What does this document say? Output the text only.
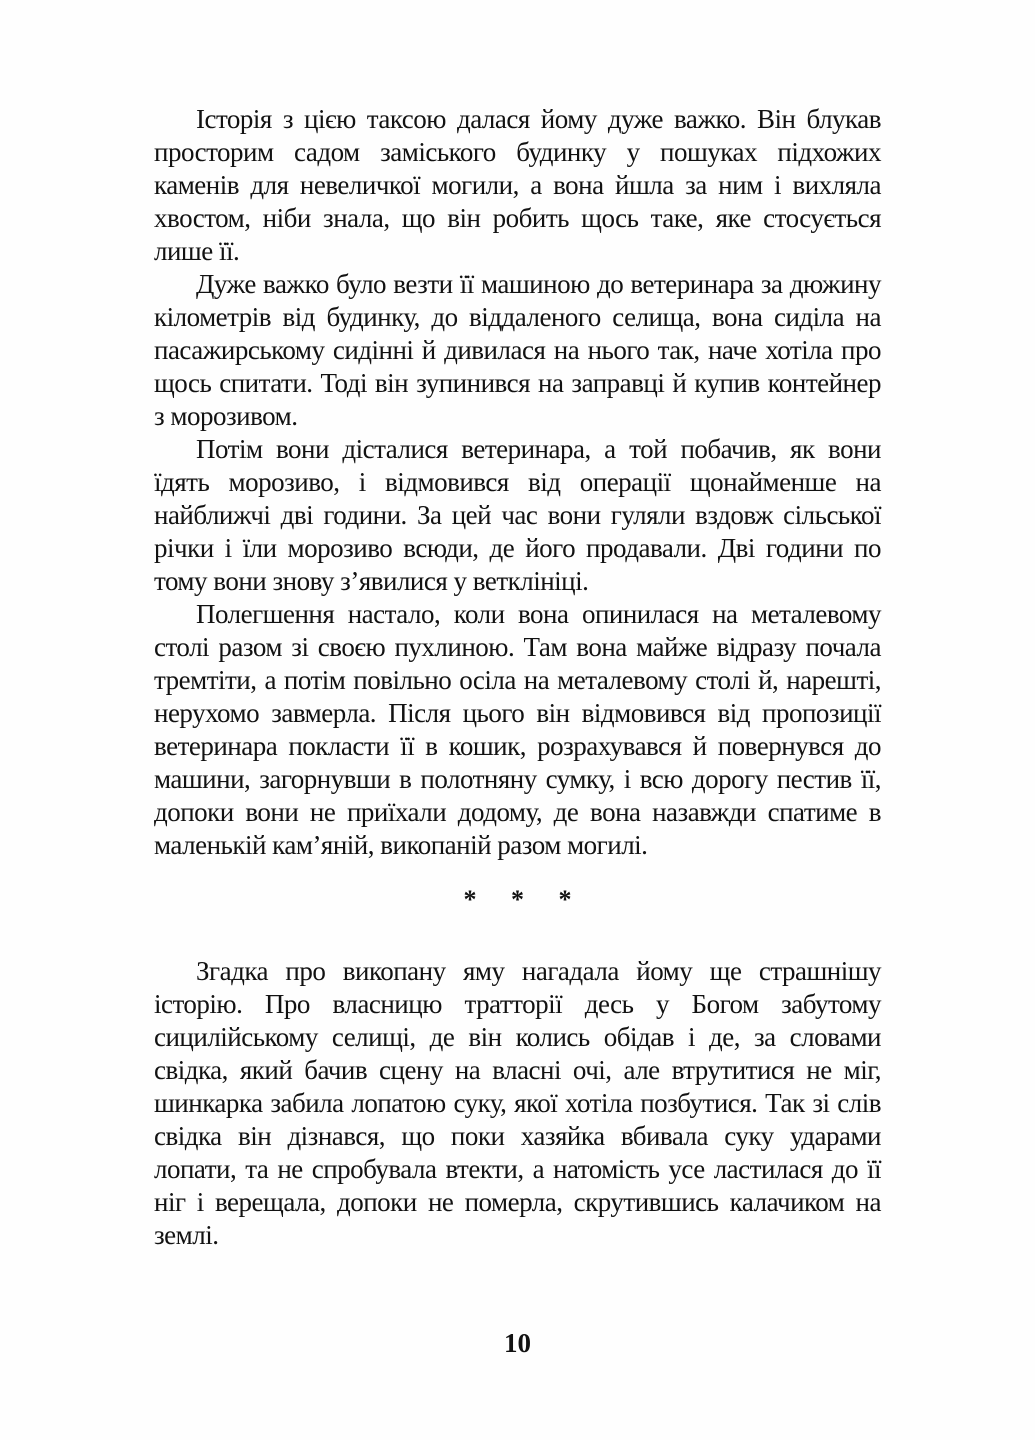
Історія з цією таксою далася йому дуже важко. Він блукав просторим садом заміського будинку у пошуках підхожих каменів для невеличкої могили, а вона йшла за ним і вихляла хвостом, ніби знала, що він робить щось таке, яке стосується лише її.

Дуже важко було везти її машиною до ветеринара за дюжину кілометрів від будинку, до віддаленого селища, вона сиділа на пасажирському сидінні й дивилася на нього так, наче хотіла про щось спитати. Тоді він зупинився на заправці й купив контейнер з морозивом.

Потім вони дісталися ветеринара, а той побачив, як вони їдять морозиво, і відмовився від операції щонайменше на найближчі дві години. За цей час вони гуляли вздовж сільської річки і їли морозиво всюди, де його продавали. Дві години по тому вони знову з’явилися у ветклініці.

Полегшення настало, коли вона опинилася на металевому столі разом зі своєю пухлиною. Там вона майже відразу почала тремтіти, а потім повільно осіла на металевому столі й, нарешті, нерухомо завмерла. Після цього він відмовився від пропозиції ветеринара покласти її в кошик, розрахувався й повернувся до машини, загорнувши в полотняну сумку, і всю дорогу пестив її, допоки вони не приїхали додому, де вона назавжди спатиме в маленькій кам’яній, викопаній разом могилі.

* * *

Згадка про викопану яму нагадала йому ще страшнішу історію. Про власницю тратторії десь у Богом забутому сицилійському селищі, де він колись обідав і де, за словами свідка, який бачив сцену на власні очі, але втрутитися не міг, шинкарка забила лопатою суку, якої хотіла позбутися. Так зі слів свідка він дізнався, що поки хазяйка вбивала суку ударами лопати, та не спробувала втекти, а натомість усе ластилася до її ніг і верещала, допоки не померла, скрутившись калачиком на землі.

10
